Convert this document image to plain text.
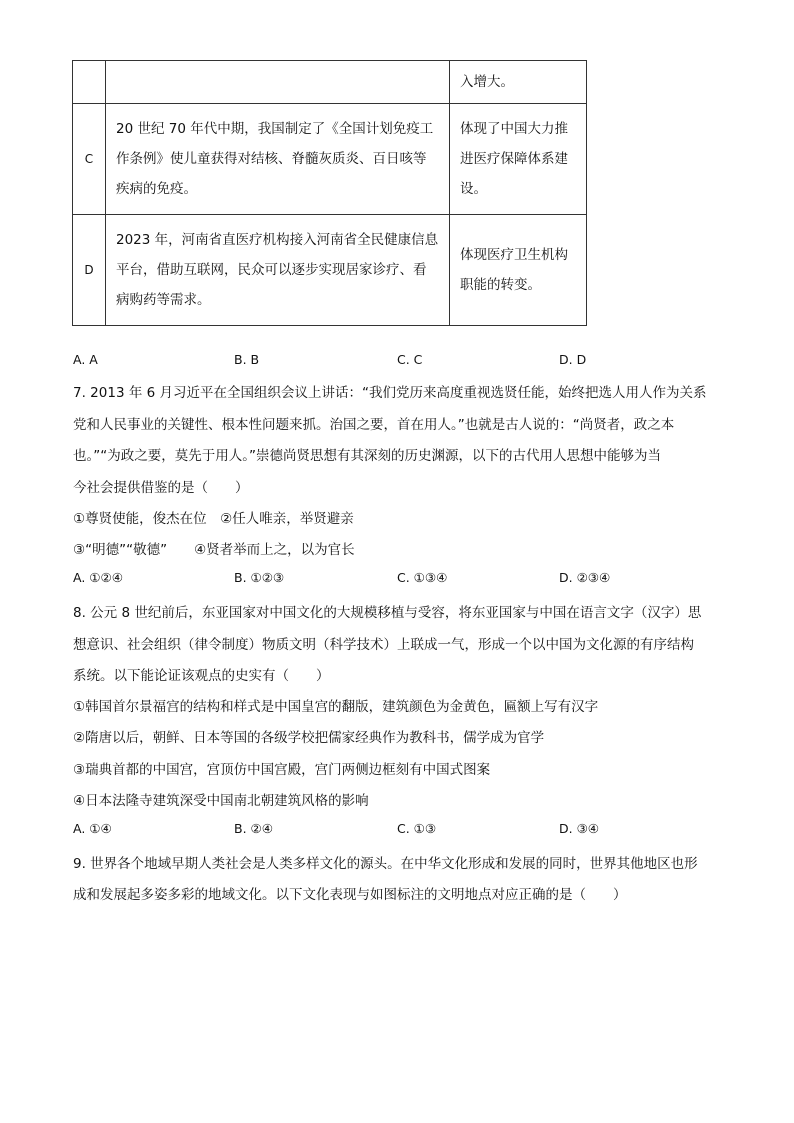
		入增大。
C	20 世纪 70 年代中期，我国制定了《全国计划免疫工作条例》使儿童获得对结核、脊髓灰质炎、百日咳等疾病的免疫。	体现了中国大力推进医疗保障体系建设。
D	2023 年，河南省直医疗机构接入河南省全民健康信息平台，借助互联网，民众可以逐步实现居家诊疗、看病购药等需求。	体现医疗卫生机构职能的转变。
A. A	B. B	C. C	D. D
7. 2013 年 6 月习近平在全国组织会议上讲话：“我们党历来高度重视选贤任能，始终把选人用人作为关系
党和人民事业的关键性、根本性问题来抓。治国之要，首在用人。”也就是古人说的：“尚贤者，政之本
也。”“为政之要，莫先于用人。”崇德尚贤思想有其深刻的历史渊源，以下的古代用人思想中能够为当
今社会提供借鉴的是（　　）
①尊贤使能，俊杰在位　②任人唯亲，举贤避亲
③“明德”“敬德”　　④贤者举而上之，以为官长
A. ①②④	B. ①②③	C. ①③④	D. ②③④
8. 公元 8 世纪前后，东亚国家对中国文化的大规模移植与受容，将东亚国家与中国在语言文字（汉字）思
想意识、社会组织（律令制度）物质文明（科学技术）上联成一气，形成一个以中国为文化源的有序结构
系统。以下能论证该观点的史实有（　　）
①韩国首尔景福宫的结构和样式是中国皇宫的翻版，建筑颜色为金黄色，匾额上写有汉字
②隋唐以后，朝鲜、日本等国的各级学校把儒家经典作为教科书，儒学成为官学
③瑞典首都的中国宫，宫顶仿中国宫殿，宫门两侧边框刻有中国式图案
④日本法隆寺建筑深受中国南北朝建筑风格的影响
A. ①④	B. ②④	C. ①③	D. ③④
9. 世界各个地域早期人类社会是人类多样文化的源头。在中华文化形成和发展的同时，世界其他地区也形
成和发展起多姿多彩的地域文化。以下文化表现与如图标注的文明地点对应正确的是（　　）
